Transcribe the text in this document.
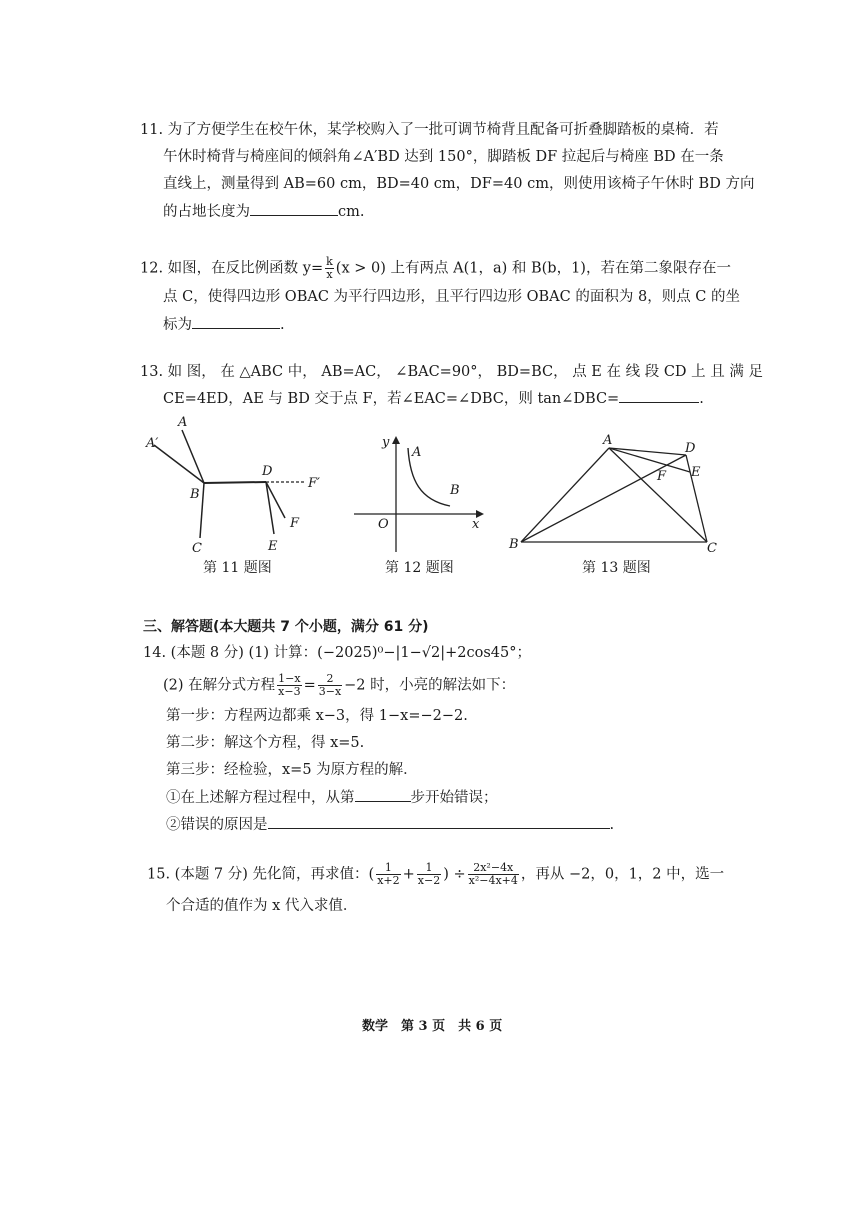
11. 为了方便学生在校午休，某学校购入了一批可调节椅背且配备可折叠脚踏板的桌椅．若
午休时椅背与椅座间的倾斜角∠A′BD 达到 150°，脚踏板 DF 拉起后与椅座 BD 在一条
直线上，测量得到 AB=60 cm，BD=40 cm，DF=40 cm，则使用该椅子午休时 BD 方向
的占地长度为	cm.
12. 如图，在反比例函数 $y= \frac{k}{x} (x > 0)$ 上有两点 A(1，a) 和 B(b，1)，若在第二象限存在一
点 C，使得四边形 OBAC 为平行四边形，且平行四边形 OBAC 的面积为 8，则点 C 的坐
标为	.
13. 如 图， 在 △ABC 中， AB=AC， ∠BAC=90°， BD=BC， 点 E 在 线 段 CD 上 且 满 足
CE=4ED，AE 与 BD 交于点 F，若∠EAC=∠DBC，则 tan∠DBC=	.
A
A′
B
C
D
E
F
F′
第 11 题图
y
x
O
A
B
第 12 题图
A
B	C
D
E
F
第 13 题图
三、解答题(本大题共 7 个小题，满分 61 分)
14. (本题 8 分) (1) 计算：(−2025)⁰−|1−√2|+2cos45°；
(2) 在解分式方程 $\frac{1-x}{x-3} = \frac{2}{3-x} -2$ 时，小亮的解法如下：
第一步：方程两边都乘 x−3，得 1−x=−2−2.
第二步：解这个方程，得 x=5.
第三步：经检验，x=5 为原方程的解．
①在上述解方程过程中，从第	步开始错误；
②错误的原因是	.
15. (本题 7 分) 先化简，再求值：( $\frac{1}{x+2} + \frac{1}{x-2}$ ) ÷ $\frac{\text{2x²−4x}}{\text{x²−4x+4}}$ ，再从 −2，0，1，2 中，选一
个合适的值作为 x 代入求值．
数学　第 3 页　共 6 页
